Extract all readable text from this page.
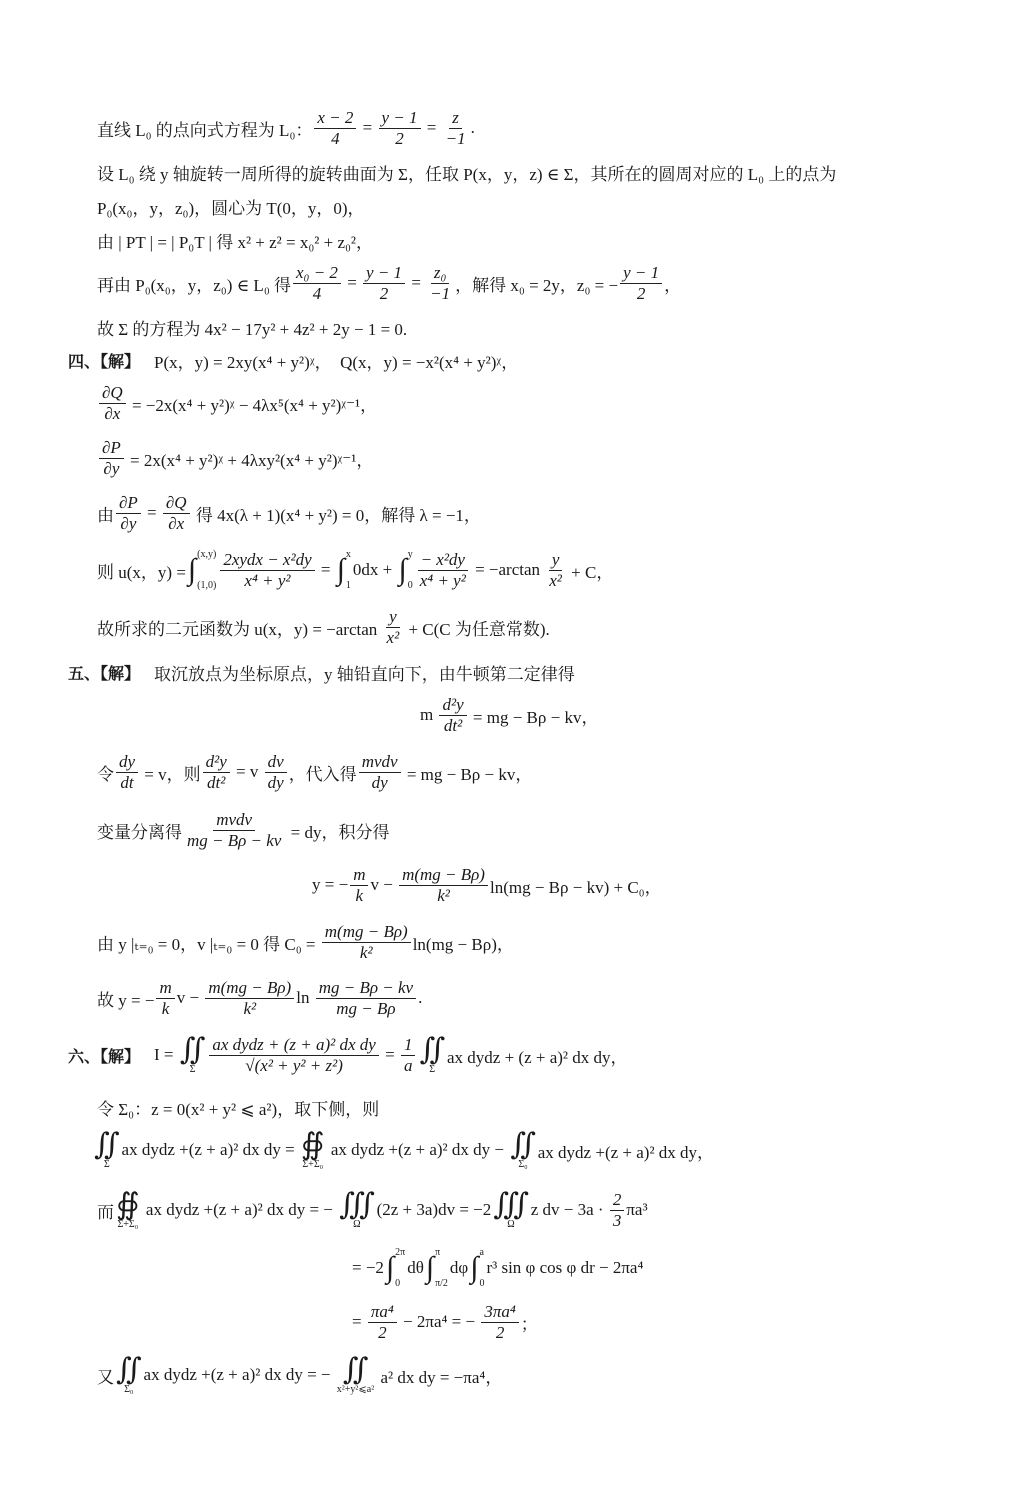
直线 L₀ 的点向式方程为 L₀： $\frac{x - 2}{4} = \frac{y - 1}{2} = \frac{z}{-1}$ .
设 L₀ 绕 y 轴旋转一周所得的旋转曲面为 Σ，任取 P(x，y，z) ∈ Σ，其所在的圆周对应的 L₀ 上的点为
P₀(x₀，y，z₀)，圆心为 T(0，y，0)，
由 | PT | = | P₀T | 得 x² + z² = x₀² + z₀²，
再由 P₀(x₀，y，z₀) ∈ L₀ 得 $\frac{\text{x₀ − 2}}{4} = \frac{y - 1}{2} = \frac{\text{z₀}}{-1}$ ，解得 x₀ = 2y，z₀ = − $\frac{y - 1}{2}$ ，
故 Σ 的方程为 4x² − 17y² + 4z² + 2y − 1 = 0.
四、【解】 P(x，y) = 2xy(x⁴ + y²)ᵡ，  Q(x，y) = −x²(x⁴ + y²)ᵡ，
$\frac{\partial Q}{\partial x} = -2x(x^4$ + y²)ᵡ − 4λx⁵(x⁴ + y²)ᵡ⁻¹，
$\frac{\partial P}{\partial y} = 2x(x^4$ + y²)ᵡ + 4λxy²(x⁴ + y²)ᵡ⁻¹，
由 $\frac{\partial P}{\partial y} = \frac{\partial Q}{\partial x}$ 得 4x(λ + 1)(x⁴ + y²) = 0，解得 λ = −1，
则 u(x，y) = ∫ (x,y)
$(1,0) \frac{\text{2xydx − x²dy}}{\text{x⁴ + y²}}$ = ∫ x
1
0dx + ∫ y
$0 \frac{\text{− x²dy}}{\text{x⁴ + y²}} = -\arctan \frac{y}{\text{x²}} + C$，
故所求的二元函数为 u(x，$y) = -\arctan \frac{y}{\text{x²}} + C(C$ 为任意常数).
五、【解】 取沉放点为坐标原点，y 轴铅直向下，由牛顿第二定律得
m $\frac{\text{d²y}}{\text{dt²}}$ = mg − Bρ − kv，
令 $\frac{dy}{dt} = v$，则 $\frac{\text{d²y}}{\text{dt²}} = v \frac{dv}{dy}$ ，代入得 $\frac{\text{mvdv}}{dy}$ = mg − Bρ − kv，
变量分离得 $\frac{\text{mvdv}}{mg - B\rho - kv}$ = dy，积分得
y = − $\frac{m}{k}$ $v - \frac{m(mg - B\rho)}{\text{k²}} \ln(mg - B\rho - kv) + C_0$，
由 y |ₜ₌₀ = 0，v |ₜ₌₀ = 0 得 $C_0 = \frac{m(mg - B\rho)}{\text{k²}} \ln(mg - B\rho)$，
故 y = − $\frac{m}{k}$ $v - \frac{m(mg - B\rho)}{\text{k²}}$ $\ln \frac{mg - B\rho - kv}{mg - B\rho}$ .
六、【解】 I = ∬
Σ $\frac{\text{ax dydz + (z + a)² dx dy}}{\text{√(x² + y² + z²)}} = \frac{1}{a}$ ∬
Σ
ax dydz + (z + a)² dx dy，
令 Σ₀：z = 0(x² + y² ⩽ a²)，取下侧，则
∬
Σ
ax dydz +(z + a)² dx dy = ∯
Σ+Σ₀
ax dydz +(z + a)² dx dy − ∬
Σ₀
ax dydz +(z + a)² dx dy，
而 ∯
Σ+Σ₀
ax dydz +(z + a)² dx dy = − ∭
Ω
(2z + 3a)dv = −2 ∭
Ω
z dv − $3a \cdot \frac{2}{3} \pi a^3$
= −2 ∫ 2π
0
dθ ∫ π
π/2
dφ ∫ a
0
r³ sin φ cos φ dr − 2πa⁴
= $\frac{\text{πa⁴}}{2} - 2\pi a^4$ = − $\frac{\text{3πa⁴}}{2}$ ；
又 ∬
Σ₀
ax dydz +(z + a)² dx dy = − ∬
x²+y²⩽a²
a² dx dy = −πa⁴，
